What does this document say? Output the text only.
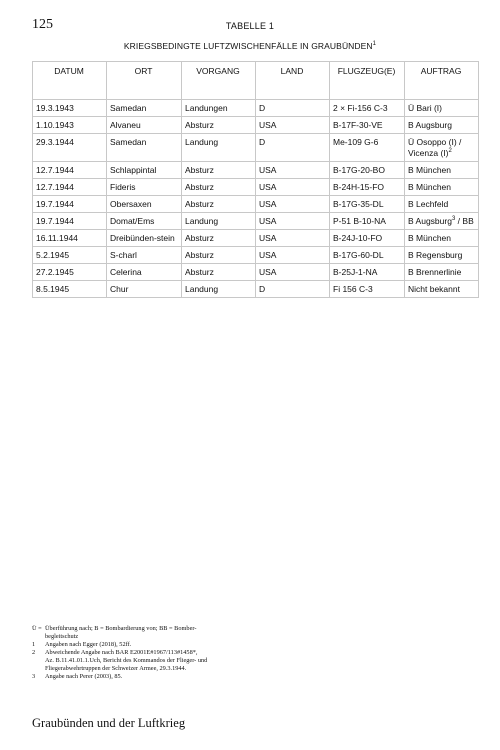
125	TABELLE 1
KRIEGSBEDINGTE LUFTZWISCHENFÄLLE IN GRAUBÜNDEN$^1$
DATUM	ORT	VORGANG	LAND	FLUGZEUG(E)	AUFTRAG
19.3.1943	Samedan	Landungen	D	2 × Fi-156 C-3	Ü Bari (I)
1.10.1943	Alvaneu	Absturz	USA	B-17F-30-VE	B Augsburg
29.3.1944	Samedan	Landung	D	Me-109 G-6	Ü Osoppo (I) / Vicenza (I)$^2$
12.7.1944	Schlappintal	Absturz	USA	B-17G-20-BO	B München
12.7.1944	Fideris	Absturz	USA	B-24H-15-FO	B München
19.7.1944	Obersaxen	Absturz	USA	B-17G-35-DL	B Lechfeld
19.7.1944	Domat/Ems	Landung	USA	P-51 B-10-NA	B Augsburg$^3$ / BB
16.11.1944	Dreibünden-stein	Absturz	USA	B-24J-10-FO	B München
5.2.1945	S-charl	Absturz	USA	B-17G-60-DL	B Regensburg
27.2.1945	Celerina	Absturz	USA	B-25J-1-NA	B Brennerlinie
8.5.1945	Chur	Landung	D	Fi 156 C-3	Nicht bekannt
Ü = Überführung nach; B = Bombardierung von; BB = Bomber-
begleitschutz
1	Angaben nach Egger (2018), 52ff.
2	Abweichende Angabe nach BAR E2001E#1967/113#1458*,
Az. B.11.41.01.1.Uch, Bericht des Kommandos der Flieger- und
Fliegerabwehrtruppen der Schweizer Armee, 29.3.1944.
3	Angabe nach Perer (2003), 85.
Graubünden und der Luftkrieg
